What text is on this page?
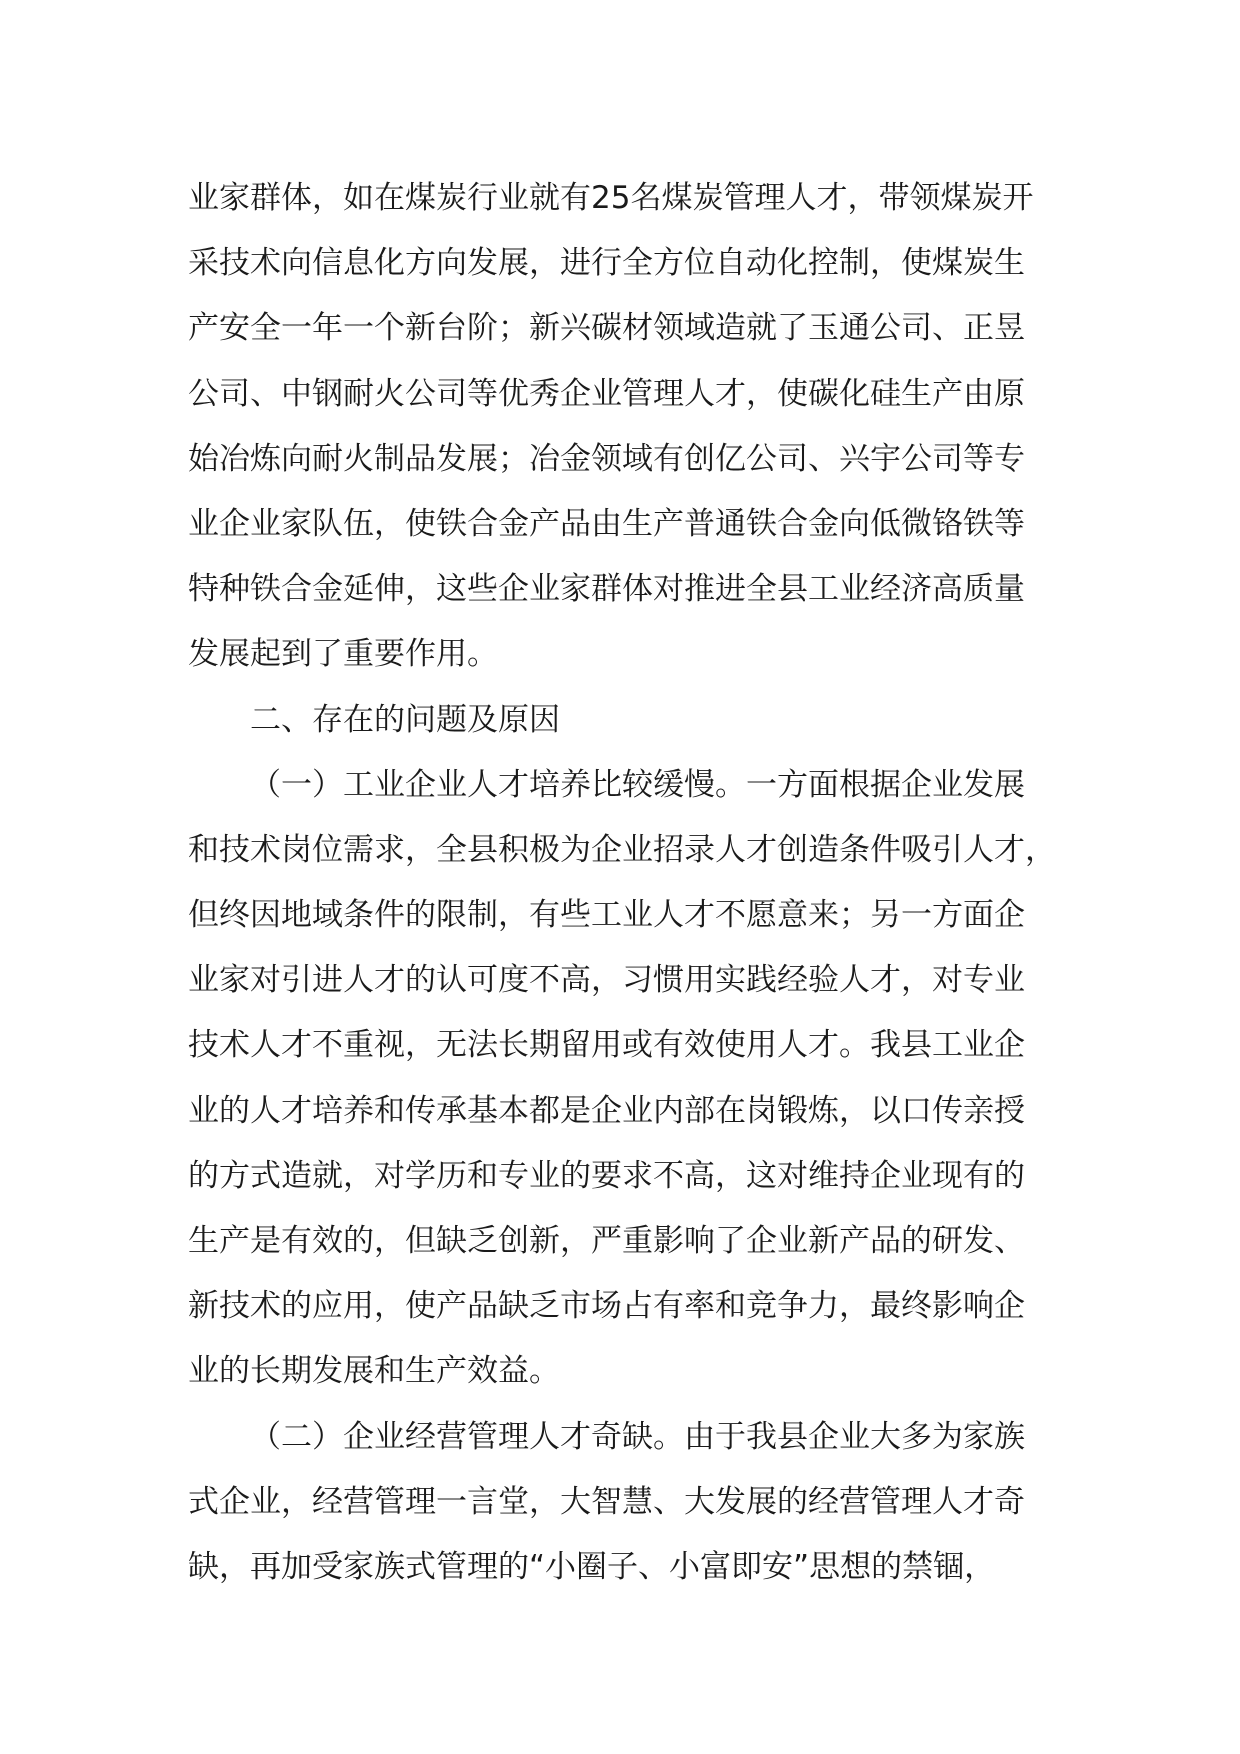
业家群体，如在煤炭行业就有25名煤炭管理人才，带领煤炭开

采技术向信息化方向发展，进行全方位自动化控制，使煤炭生

产安全一年一个新台阶；新兴碳材领域造就了玉通公司、正昱

公司、中钢耐火公司等优秀企业管理人才，使碳化硅生产由原

始冶炼向耐火制品发展；冶金领域有创亿公司、兴宇公司等专

业企业家队伍，使铁合金产品由生产普通铁合金向低微铬铁等

特种铁合金延伸，这些企业家群体对推进全县工业经济高质量

发展起到了重要作用。

二、存在的问题及原因

（一）工业企业人才培养比较缓慢。一方面根据企业发展

和技术岗位需求，全县积极为企业招录人才创造条件吸引人才，

但终因地域条件的限制，有些工业人才不愿意来；另一方面企

业家对引进人才的认可度不高，习惯用实践经验人才，对专业

技术人才不重视，无法长期留用或有效使用人才。我县工业企

业的人才培养和传承基本都是企业内部在岗锻炼，以口传亲授

的方式造就，对学历和专业的要求不高，这对维持企业现有的

生产是有效的，但缺乏创新，严重影响了企业新产品的研发、

新技术的应用，使产品缺乏市场占有率和竞争力，最终影响企

业的长期发展和生产效益。

（二）企业经营管理人才奇缺。由于我县企业大多为家族

式企业，经营管理一言堂，大智慧、大发展的经营管理人才奇

缺，再加受家族式管理的“小圈子、小富即安”思想的禁锢，
